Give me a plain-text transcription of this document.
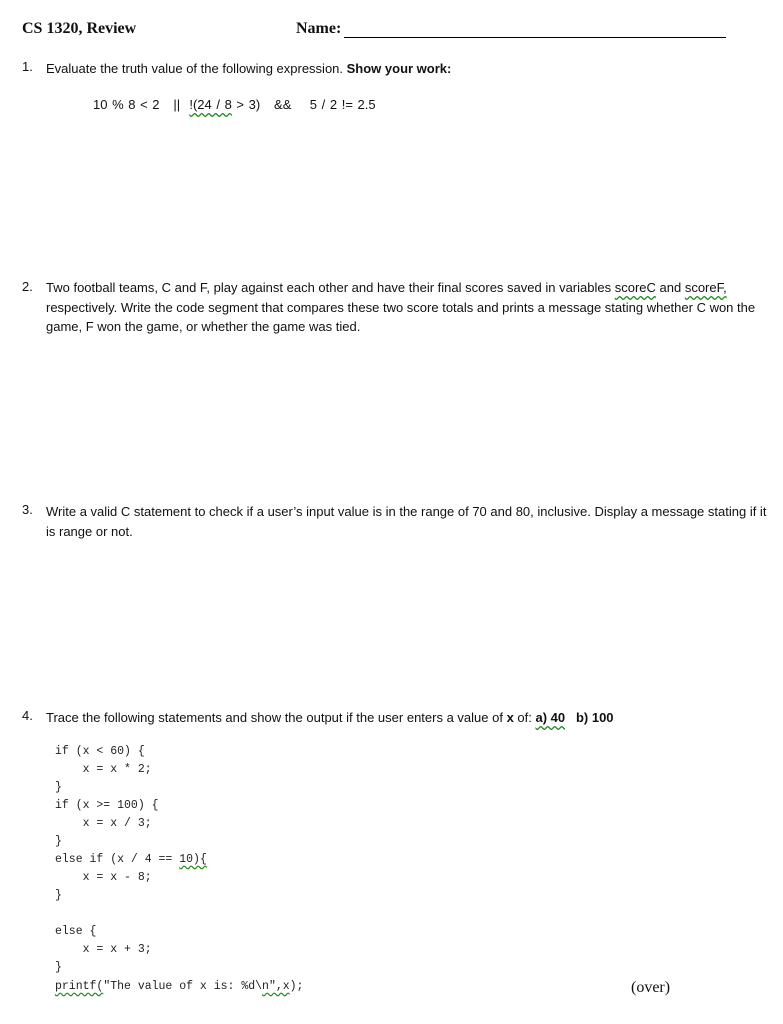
CS 1320, Review	Name:
1. Evaluate the truth value of the following expression. Show your work:
10 % 8 < 2   ||  !(24 / 8 > 3)   &&    5 / 2 != 2.5
2. Two football teams, C and F, play against each other and have their final scores saved in variables scoreC and scoreF, respectively. Write the code segment that compares these two score totals and prints a message stating whether C won the game, F won the game, or whether the game was tied.
3. Write a valid C statement to check if a user’s input value is in the range of 70 and 80, inclusive. Display a message stating if it is range or not.
4. Trace the following statements and show the output if the user enters a value of x of: a) 40 b) 100
if (x < 60) {
x = x * 2;
}
if (x >= 100) {
x = x / 3;
}
else if (x / 4 == 10){
x = x - 8;
}
else {
x = x + 3;
}
printf("The value of x is: %d\n",x);	(over)
